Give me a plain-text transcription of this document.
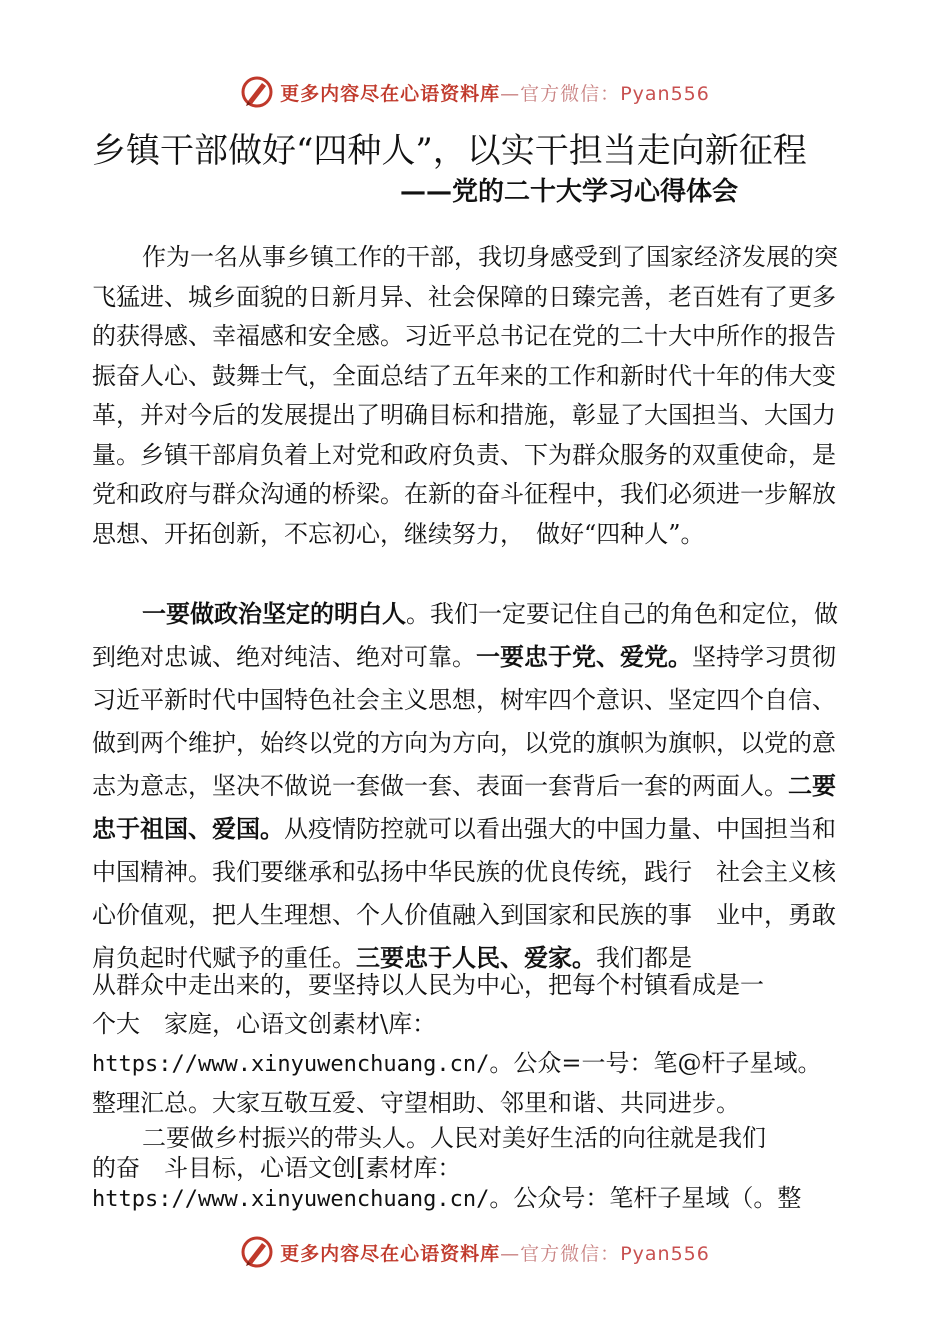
更多内容尽在心语资料库—官方微信：Pyan556
乡镇干部做好“四种人”，以实干担当走向新征程
——党的二十大学习心得体会

作为一名从事乡镇工作的干部，我切身感受到了国家经济发展的突飞猛进、城乡面貌的日新月异、社会保障的日臻完善，老百姓有了更多的获得感、幸福感和安全感。习近平总书记在党的二十大中所作的报告振奋人心、鼓舞士气，全面总结了五年来的工作和新时代十年的伟大变革，并对今后的发展提出了明确目标和措施，彰显了大国担当、大国力量。乡镇干部肩负着上对党和政府负责、下为群众服务的双重使命，是党和政府与群众沟通的桥梁。在新的奋斗征程中，我们必须进一步解放思想、开拓创新，不忘初心，继续努力，　做好“四种人”。

一要做政治坚定的明白人。我们一定要记住自己的角色和定位，做到绝对忠诚、绝对纯洁、绝对可靠。一要忠于党、爱党。坚持学习贯彻习近平新时代中国特色社会主义思想，树牢四个意识、坚定四个自信、做到两个维护，始终以党的方向为方向，以党的旗帜为旗帜，以党的意志为意志，坚决不做说一套做一套、表面一套背后一套的两面人。二要忠于祖国、爱国。从疫情防控就可以看出强大的中国力量、中国担当和中国精神。我们要继承和弘扬中华民族的优良传统，践行　社会主义核心价值观，把人生理想、个人价值融入到国家和民族的事　业中，勇敢肩负起时代赋予的重任。三要忠于人民、爱家。我们都是

从群众中走出来的，要坚持以人民为中心，把每个村镇看成是一
个大　家庭，心语文创素材\库：
https://www.xinyuwenchuang.cn/。公众=一号：笔@杆子星域。
整理汇总。大家互敬互爱、守望相助、邻里和谐、共同进步。

二要做乡村振兴的带头人。人民对美好生活的向往就是我们
的奋　斗目标，心语文创[素材库：
https://www.xinyuwenchuang.cn/。公众号：笔杆子星域（。整

更多内容尽在心语资料库—官方微信：Pyan556
